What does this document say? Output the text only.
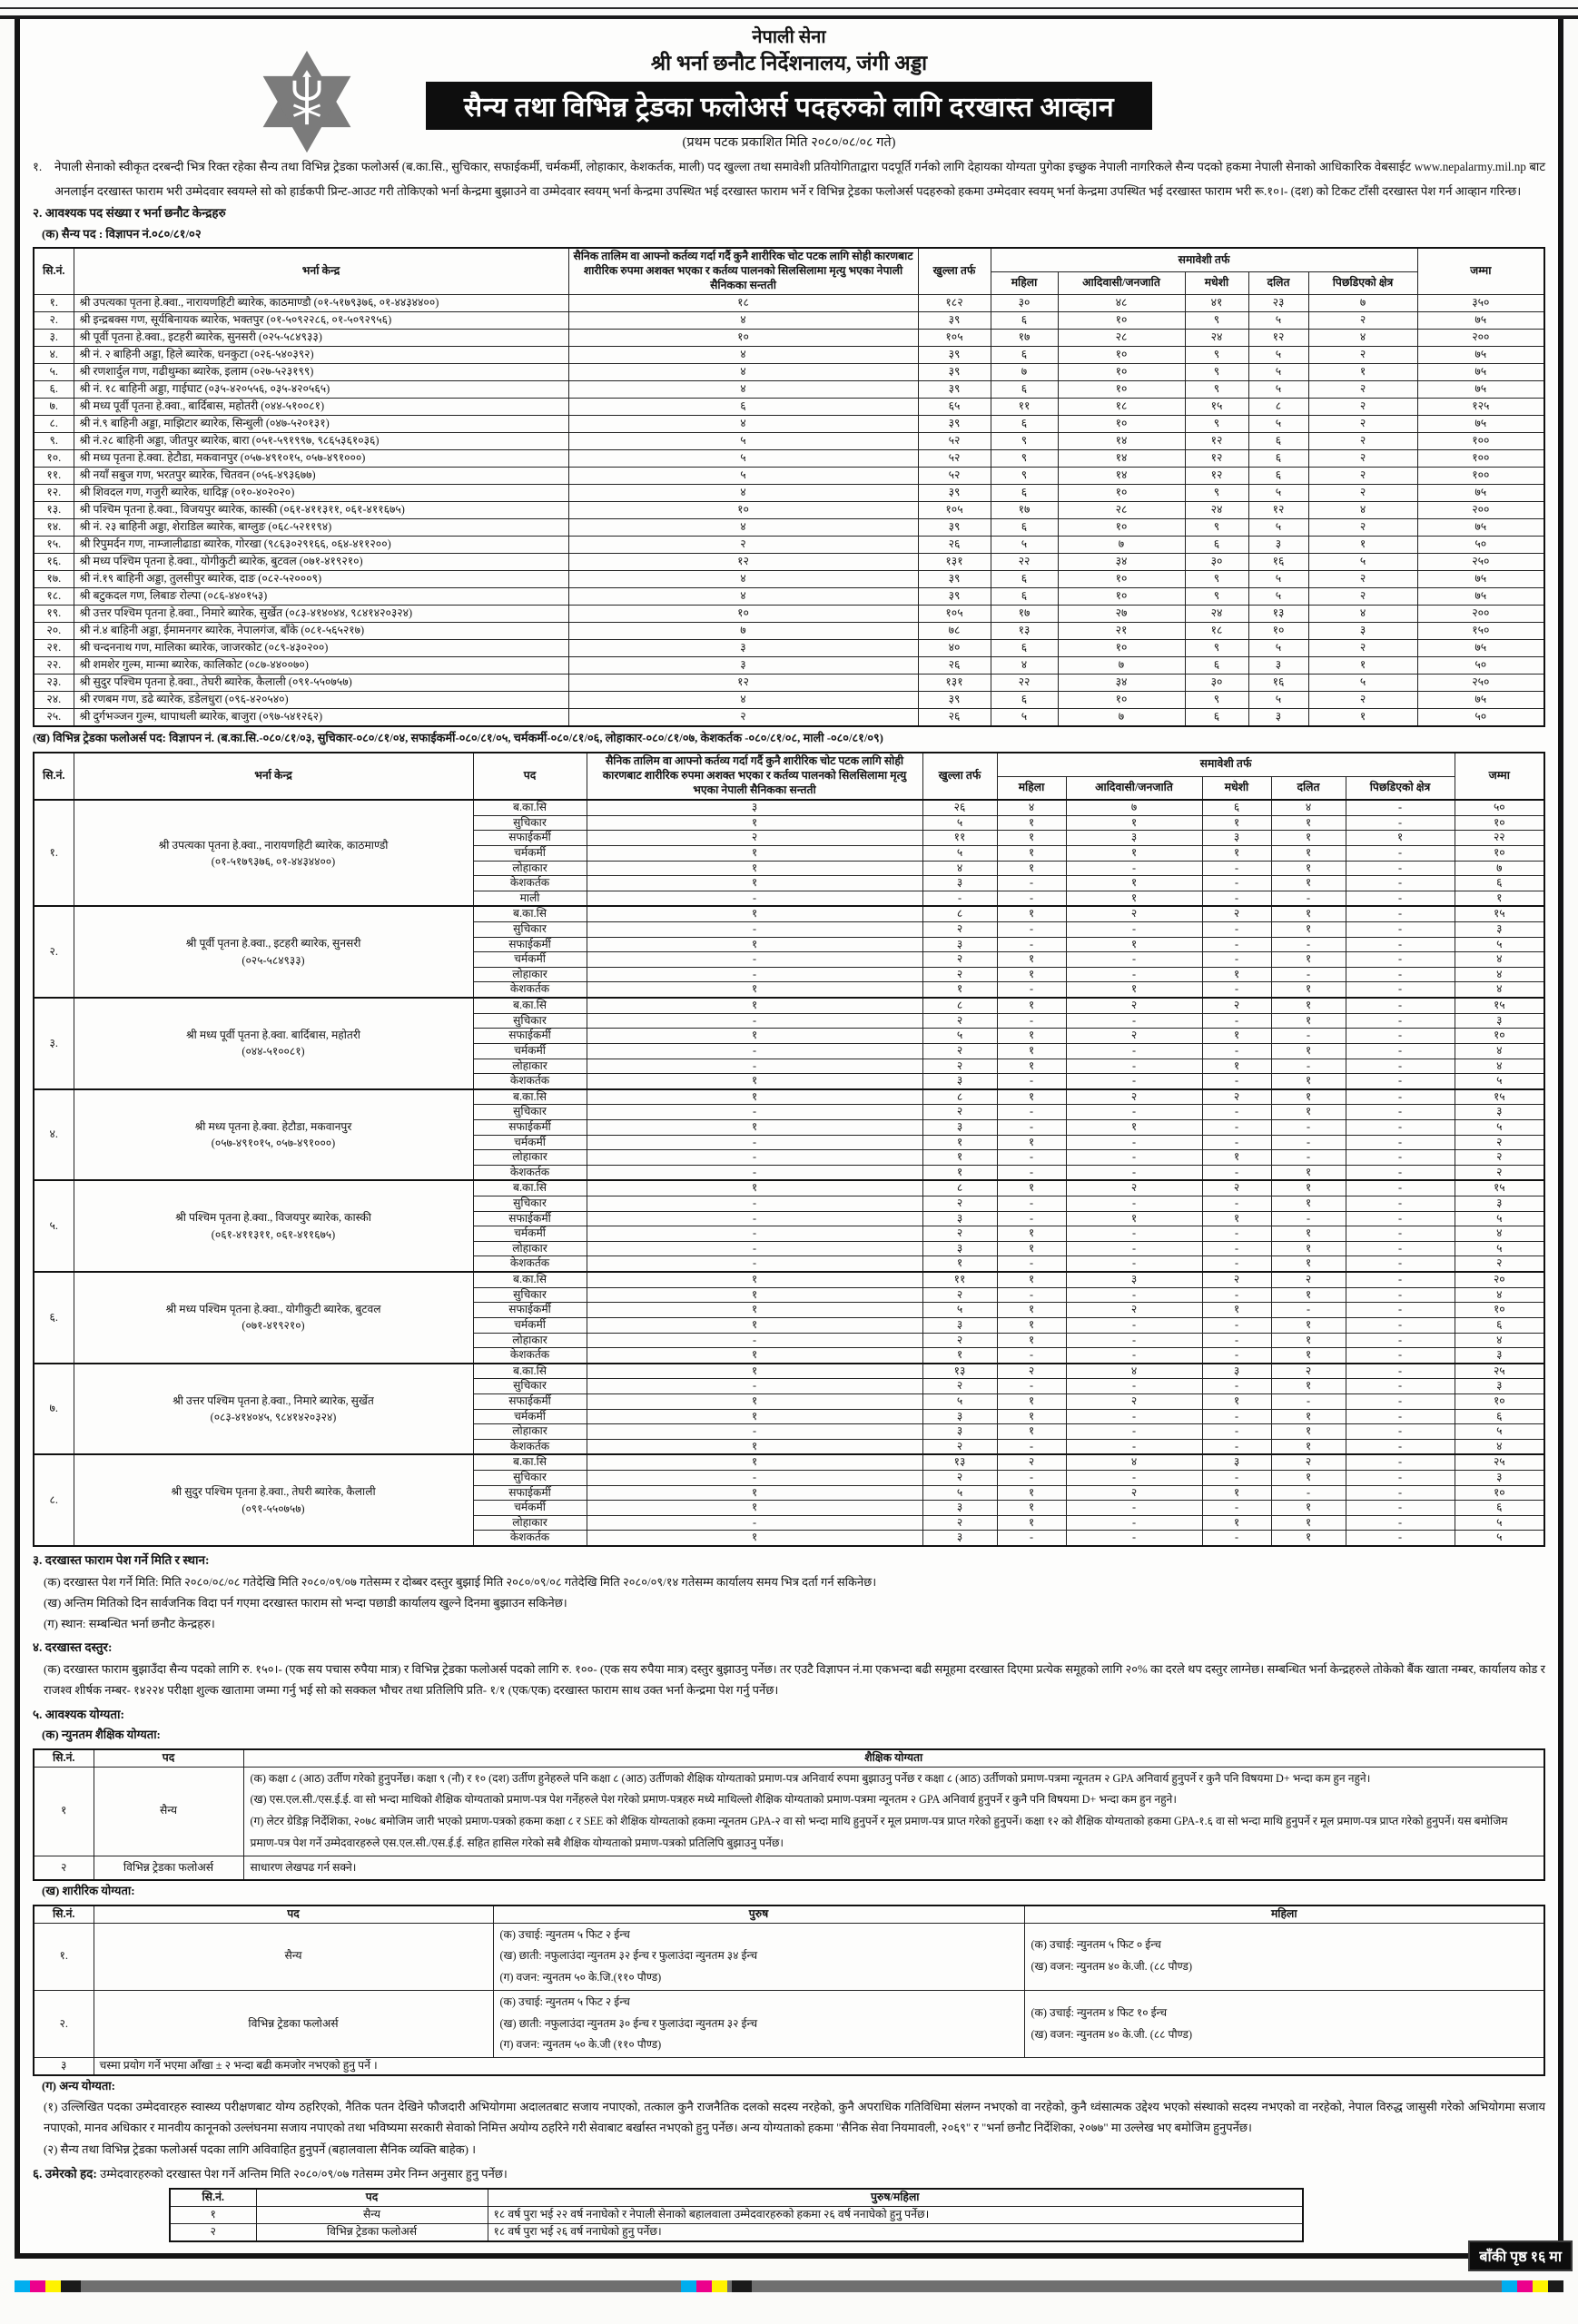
नेपाली सेना
श्री भर्ना छनौट निर्देशनालय, जंगी अड्डा
सैन्य तथा विभिन्न ट्रेडका फलोअर्स पदहरुको लागि दरखास्त आव्हान
(प्रथम पटक प्रकाशित मिति २०८०/०८/०८ गते)
१.	नेपाली सेनाको स्वीकृत दरबन्दी भित्र रिक्त रहेका सैन्य तथा विभिन्न ट्रेडका फलोअर्स (ब.का.सि., सुचिकार, सफाईकर्मी, चर्मकर्मी, लोहाकार, केशकर्तक, माली) पद खुल्ला तथा समावेशी प्रतियोगिताद्वारा पदपूर्ति गर्नको लागि देहायका योग्यता पुगेका इच्छुक नेपाली नागरिकले सैन्य पदको हकमा नेपाली सेनाको आधिकारिक वेबसाईट www.nepalarmy.mil.np बाट अनलाईन दरखास्त फाराम भरी उम्मेदवार स्वयम्ले सो को हार्डकपी प्रिन्ट-आउट गरी तोकिएको भर्ना केन्द्रमा बुझाउने वा उम्मेदवार स्वयम् भर्ना केन्द्रमा उपस्थित भई दरखास्त फाराम भर्ने र विभिन्न ट्रेडका फलोअर्स पदहरुको हकमा उम्मेदवार स्वयम् भर्ना केन्द्रमा उपस्थित भई दरखास्त फाराम भरी रू.१०।- (दश) को टिकट टाँसी दरखास्त पेश गर्न आव्हान गरिन्छ।
२. आवश्यक पद संख्या र भर्ना छनौट केन्द्रहरु
(क) सैन्य पद : विज्ञापन नं.०८०/८१/०२
सि.नं.	भर्ना केन्द्र	सैनिक तालिम वा आफ्नो कर्तव्य गर्दा गर्दै कुनै शारीरिक चोट पटक लागि सोही कारणबाट शारीरिक रुपमा अशक्त भएका र कर्तव्य पालनको सिलसिलामा मृत्यु भएका नेपाली सैनिकका सन्तती	खुल्ला तर्फ	समावेशी तर्फ					जम्मा
				महिला	आदिवासी/जनजाति	मधेशी	दलित	पिछडिएको क्षेत्र	
१.	श्री उपत्यका पृतना हे.क्वा., नारायणहिटी ब्यारेक, काठमाण्डौ (०१-५१७९३७६, ०१-४४३४४००)	१८	१८२	३०	४८	४१	२३	७	३५०
२.	श्री इन्द्रबक्स गण, सूर्यबिनायक ब्यारेक, भक्तपुर (०१-५०९२२८६, ०१-५०९२९५६)	४	३९	६	१०	९	५	२	७५
३.	श्री पूर्वी पृतना हे.क्वा., इटहरी ब्यारेक, सुनसरी (०२५-५८४९३३)	१०	१०५	१७	२८	२४	१२	४	२००
४.	श्री नं. २ बाहिनी अड्डा, हिले ब्यारेक, धनकुटा (०२६-५४०३९२)	४	३९	६	१०	९	५	२	७५
५.	श्री रणशार्दुल गण, गढीथुम्का ब्यारेक, इलाम (०२७-५२३१९९)	४	३९	७	१०	९	५	१	७५
६.	श्री नं. १८ बाहिनी अड्डा, गाईघाट (०३५-४२०५५६, ०३५-४२०५६५)	४	३९	६	१०	९	५	२	७५
७.	श्री मध्य पूर्वी पृतना हे.क्वा., बार्दिबास, महोतरी (०४४-५१००८१)	६	६५	११	१८	१५	८	२	१२५
८.	श्री नं.९ बाहिनी अड्डा, माझिटार ब्यारेक, सिन्धुली (०४७-५२०१३१)	४	३९	६	१०	९	५	२	७५
९.	श्री नं.२८ बाहिनी अड्डा, जीतपुर ब्यारेक, बारा (०५१-५९१९९७, ९८६५३६१०३६)	५	५२	९	१४	१२	६	२	१००
१०.	श्री मध्य पृतना हे.क्वा. हेटौडा, मकवानपुर (०५७-४९१०१५, ०५७-४९१०००)	५	५२	९	१४	१२	६	२	१००
११.	श्री नयाँ सबुज गण, भरतपुर ब्यारेक, चितवन (०५६-४९३६७७)	५	५२	९	१४	१२	६	२	१००
१२.	श्री शिवदल गण, गजुरी ब्यारेक, धादिङ्ग (०१०-४०२०२०)	४	३९	६	१०	९	५	२	७५
१३.	श्री पश्चिम पृतना हे.क्वा., विजयपुर ब्यारेक, कास्की (०६१-४११३११, ०६१-४११६७५)	१०	१०५	१७	२८	२४	१२	४	२००
१४.	श्री नं. २३ बाहिनी अड्डा, शेराडिल ब्यारेक, बाग्लुङ (०६८-५२११९४)	४	३९	६	१०	९	५	२	७५
१५.	श्री रिपुमर्दन गण, नाम्जालीढाडा ब्यारेक, गोरखा (९८६३०२९१६६, ०६४-४११२००)	२	२६	५	७	६	३	१	५०
१६.	श्री मध्य पश्चिम पृतना हे.क्वा., योगीकुटी ब्यारेक, बुटवल (०७१-४१९२१०)	१२	१३१	२२	३४	३०	१६	५	२५०
१७.	श्री नं.१९ बाहिनी अड्डा, तुलसीपुर ब्यारेक, दाङ (०८२-५२०००९)	४	३९	६	१०	९	५	२	७५
१८.	श्री बटुकदल गण, लिबाङ रोल्पा (०८६-४४०१५३)	४	३९	६	१०	९	५	२	७५
१९.	श्री उत्तर पश्चिम पृतना हे.क्वा., निमारे ब्यारेक, सुर्खेत (०८३-४१४०४४, ९८४१४२०३२४)	१०	१०५	१७	२७	२४	१३	४	२००
२०.	श्री नं.४ बाहिनी अड्डा, ईमामनगर ब्यारेक, नेपालगंज, बाँके (०८१-५६५२१७)	७	७८	१३	२१	१८	१०	३	१५०
२१.	श्री चन्दननाथ गण, मालिका ब्यारेक, जाजरकोट (०८९-४३०२००)	३	४०	६	१०	९	५	२	७५
२२.	श्री शमशेर गुल्म, मान्मा ब्यारेक, कालिकोट (०८७-४४००७०)	३	२६	४	७	६	३	१	५०
२३.	श्री सुदुर पश्चिम पृतना हे.क्वा., तेघरी ब्यारेक, कैलाली (०९१-५५०७५७)	१२	१३१	२२	३४	३०	१६	५	२५०
२४.	श्री रणबम गण, डढे ब्यारेक, डडेलधुरा (०९६-४२०५४०)	४	३९	६	१०	९	५	२	७५
२५.	श्री दुर्गभञ्जन गुल्म, थापाथली ब्यारेक, बाजुरा (०९७-५४१२६२)	२	२६	५	७	६	३	१	५०
(ख) विभिन्न ट्रेडका फलोअर्स पद: विज्ञापन नं. (ब.का.सि.-०८०/८१/०३, सुचिकार-०८०/८१/०४, सफाईकर्मी-०८०/८१/०५, चर्मकर्मी-०८०/८१/०६, लोहाकार-०८०/८१/०७, केशकर्तक -०८०/८१/०८, माली -०८०/८१/०९)
सि.नं.	भर्ना केन्द्र	पद	सैनिक तालिम वा आफ्नो कर्तव्य गर्दा गर्दै कुनै शारीरिक चोट पटक लागि सोही कारणबाट शारीरिक रुपमा अशक्त भएका र कर्तव्य पालनको सिलसिलामा मृत्यु भएका नेपाली सैनिकका सन्तती	खुल्ला तर्फ	समावेशी तर्फ					जम्मा
					महिला	आदिवासी/जनजाति	मधेशी	दलित	पिछडिएको क्षेत्र	
१.	श्री उपत्यका पृतना हे.क्वा., नारायणहिटी ब्यारेक, काठमाण्डौ
(०१-५१७९३७६, ०१-४४३४४००)	ब.का.सि	३	२६	४	७	६	४	-	५०
		सुचिकार	१	५	१	१	१	१	-	१०
		सफाईकर्मी	२	११	१	३	३	१	१	२२
		चर्मकर्मी	१	५	१	१	१	१	-	१०
		लोहाकार	१	४	१	-	-	१	-	७
		केशकर्तक	१	३	-	१	-	१	-	६
		माली	-	-	-	१	-	-	-	१
२.	श्री पूर्वी पृतना हे.क्वा., इटहरी ब्यारेक, सुनसरी
(०२५-५८४९३३)	ब.का.सि	१	८	१	२	२	१	-	१५
		सुचिकार	-	२	-	-	-	१	-	३
		सफाईकर्मी	१	३	-	१	-	-	-	५
		चर्मकर्मी	-	२	१	-	-	१	-	४
		लोहाकार	-	२	१	-	१	-	-	४
		केशकर्तक	१	१	-	१	-	१	-	४
३.	श्री मध्य पूर्वी पृतना हे.क्वा. बार्दिबास, महोतरी
(०४४-५१००८१)	ब.का.सि	१	८	१	२	२	१	-	१५
		सुचिकार	-	२	-	-	-	१	-	३
		सफाईकर्मी	१	५	१	२	१	-	-	१०
		चर्मकर्मी	-	२	१	-	-	१	-	४
		लोहाकार	-	२	१	-	१	-	-	४
		केशकर्तक	१	३	-	-	-	१	-	५
४.	श्री मध्य पृतना हे.क्वा. हेटौडा, मकवानपुर
(०५७-४९१०१५, ०५७-४९१०००)	ब.का.सि	१	८	१	२	२	१	-	१५
		सुचिकार	-	२	-	-	-	१	-	३
		सफाईकर्मी	१	३	-	१	-	-	-	५
		चर्मकर्मी	-	१	१	-	-	-	-	२
		लोहाकार	-	१	-	-	१	-	-	२
		केशकर्तक	-	१	-	-	-	१	-	२
५.	श्री पश्चिम पृतना हे.क्वा., विजयपुर ब्यारेक, कास्की
(०६१-४११३११, ०६१-४११६७५)	ब.का.सि	१	८	१	२	२	१	-	१५
		सुचिकार	-	२	-	-	-	१	-	३
		सफाईकर्मी	-	३	-	१	१	-	-	५
		चर्मकर्मी	-	२	१	-	-	१	-	४
		लोहाकार	-	३	१	-	-	१	-	५
		केशकर्तक	-	१	-	-	-	१	-	२
६.	श्री मध्य पश्चिम पृतना हे.क्वा., योगीकुटी ब्यारेक, बुटवल
(०७१-४१९२१०)	ब.का.सि	१	११	१	३	२	२	-	२०
		सुचिकार	१	२	-	-	-	१	-	४
		सफाईकर्मी	१	५	१	२	१	-	-	१०
		चर्मकर्मी	१	३	१	-	-	१	-	६
		लोहाकार	-	२	१	-	-	१	-	४
		केशकर्तक	१	१	-	-	-	१	-	३
७.	श्री उत्तर पश्चिम पृतना हे.क्वा., निमारे ब्यारेक, सुर्खेत
(०८३-४१४०४५, ९८४१४२०३२४)	ब.का.सि	१	१३	२	४	३	२	-	२५
		सुचिकार	-	२	-	-	-	१	-	३
		सफाईकर्मी	१	५	१	२	१	-	-	१०
		चर्मकर्मी	१	३	१	-	-	१	-	६
		लोहाकार	-	३	१	-	-	१	-	५
		केशकर्तक	१	२	-	-	-	१	-	४
८.	श्री सुदुर पश्चिम पृतना हे.क्वा., तेघरी ब्यारेक, कैलाली
(०९१-५५०७५७)	ब.का.सि	१	१३	२	४	३	२	-	२५
		सुचिकार	-	२	-	-	-	१	-	३
		सफाईकर्मी	१	५	१	२	१	-	-	१०
		चर्मकर्मी	१	३	१	-	-	१	-	६
		लोहाकार	-	२	१	-	१	१	-	५
		केशकर्तक	१	३	-	-	-	१	-	५
३. दरखास्त फाराम पेश गर्ने मिति र स्थान:
(क) दरखास्त पेश गर्ने मिति: मिति २०८०/०८/०८ गतेदेखि मिति २०८०/०९/०७ गतेसम्म र दोब्बर दस्तुर बुझाई मिति २०८०/०९/०८ गतेदेखि मिति २०८०/०९/१४ गतेसम्म कार्यालय समय भित्र दर्ता गर्न सकिनेछ।
(ख) अन्तिम मितिको दिन सार्वजनिक विदा पर्न गएमा दरखास्त फाराम सो भन्दा पछाडी कार्यालय खुल्ने दिनमा बुझाउन सकिनेछ।
(ग) स्थान: सम्बन्धित भर्ना छनौट केन्द्रहरु।
४. दरखास्त दस्तुर:
(क) दरखास्त फाराम बुझाउँदा सैन्य पदको लागि रु. १५०।- (एक सय पचास रुपैया मात्र) र विभिन्न ट्रेडका फलोअर्स पदको लागि रु. १००- (एक सय रुपैया मात्र) दस्तुर बुझाउनु पर्नेछ। तर एउटै विज्ञापन नं.मा एकभन्दा बढी समूहमा दरखास्त दिएमा प्रत्येक समूहको लागि २०% का दरले थप दस्तुर लाग्नेछ। सम्बन्धित भर्ना केन्द्रहरुले तोकेको बैंक खाता नम्बर, कार्यालय कोड र राजश्व शीर्षक नम्बर- १४२२४ परीक्षा शुल्क खातामा जम्मा गर्नु भई सो को सक्कल भौचर तथा प्रतिलिपि प्रति- १/१ (एक/एक) दरखास्त फाराम साथ उक्त भर्ना केन्द्रमा पेश गर्नु पर्नेछ।
५. आवश्यक योग्यता:
(क) न्युनतम शैक्षिक योग्यता:
सि.नं.	पद	शैक्षिक योग्यता
१	सैन्य	(क) कक्षा ८ (आठ) उर्तीण गरेको हुनुपर्नेछ। कक्षा ९ (नौ) र १० (दश) उर्तीण हुनेहरुले पनि कक्षा ८ (आठ) उर्तीणको शैक्षिक योग्यताको प्रमाण-पत्र अनिवार्य रुपमा बुझाउनु पर्नेछ र कक्षा ८ (आठ) उर्तीणको प्रमाण-पत्रमा न्यूनतम २ GPA अनिवार्य हुनुपर्ने र कुनै पनि विषयमा D+ भन्दा कम हुन नहुने।
(ख) एस.एल.सी./एस.ई.ई. वा सो भन्दा माथिको शैक्षिक योग्यताको प्रमाण-पत्र पेश गर्नेहरुले पेश गरेको प्रमाण-पत्रहरु मध्ये माथिल्लो शैक्षिक योग्यताको प्रमाण-पत्रमा न्यूनतम २ GPA अनिवार्य हुनुपर्ने र कुनै पनि विषयमा D+ भन्दा कम हुन नहुने।
(ग) लेटर ग्रेडिङ्ग निर्देशिका, २०७८ बमोजिम जारी भएको प्रमाण-पत्रको हकमा कक्षा ८ र SEE को शैक्षिक योग्यताको हकमा न्यूनतम GPA-२ वा सो भन्दा माथि हुनुपर्ने र मूल प्रमाण-पत्र प्राप्त गरेको हुनुपर्ने। कक्षा १२ को शैक्षिक योग्यताको हकमा GPA-१.६ वा सो भन्दा माथि हुनुपर्ने र मूल प्रमाण-पत्र प्राप्त गरेको हुनुपर्ने। यस बमोजिम प्रमाण-पत्र पेश गर्ने उम्मेदवारहरुले एस.एल.सी./एस.ई.ई. सहित हासिल गरेको सबै शैक्षिक योग्यताको प्रमाण-पत्रको प्रतिलिपि बुझाउनु पर्नेछ।

२	विभिन्न ट्रेडका फलोअर्स	साधारण लेखपढ गर्न सक्ने।
(ख) शारीरिक योग्यता:
सि.नं.	पद	पुरुष	महिला
१.	सैन्य	
(क) उचाई: न्युनतम ५ फिट २ ईन्च
(ख) छाती: नफुलाउंदा न्युनतम ३२ ईन्च र फुलाउंदा न्युनतम ३४ ईन्च
(ग) वजन: न्युनतम ५० के.जि.(११० पौण्ड)

(क) उचाई: न्युनतम ५ फिट ० ईन्च
(ख) वजन: न्युनतम ४० के.जी. (८८ पौण्ड)

२.	विभिन्न ट्रेडका फलोअर्स	
(क) उचाई: न्युनतम ५ फिट २ ईन्च
(ख) छाती: नफुलाउंदा न्युनतम ३० ईन्च र फुलाउंदा न्युनतम ३२ ईन्च
(ग) वजन: न्युनतम ५० के.जी (११० पौण्ड)

(क) उचाई: न्युनतम ४ फिट १० ईन्च
(ख) वजन: न्युनतम ४० के.जी. (८८ पौण्ड)

३	चस्मा प्रयोग गर्ने भएमा आँखा ± २ भन्दा बढी कमजोर नभएको हुनु पर्ने ।		
(ग) अन्य योग्यता:
(१) उल्लिखित पदका उम्मेदवारहरु स्वास्थ्य परीक्षणबाट योग्य ठहरिएको, नैतिक पतन देखिने फौजदारी अभियोगमा अदालतबाट सजाय नपाएको, तत्काल कुनै राजनैतिक दलको सदस्य नरहेको, कुनै अपराधिक गतिविधिमा संलग्न नभएको वा नरहेको, कुनै ध्वंसात्मक उद्देश्य भएको संस्थाको सदस्य नभएको वा नरहेको, नेपाल विरुद्ध जासुसी गरेको अभियोगमा सजाय नपाएको, मानव अधिकार र मानवीय कानूनको उल्लंघनमा सजाय नपाएको तथा भविष्यमा सरकारी सेवाको निमित्त अयोग्य ठहरिने गरी सेवाबाट बर्खास्त नभएको हुनु पर्नेछ। अन्य योग्यताको हकमा "सैनिक सेवा नियमावली, २०६९" र "भर्ना छनौट निर्देशिका, २०७७" मा उल्लेख भए बमोजिम हुनुपर्नेछ।
(२) सैन्य तथा विभिन्न ट्रेडका फलोअर्स पदका लागि अविवाहित हुनुपर्ने (बहालवाला सैनिक व्यक्ति बाहेक) ।
६. उमेरको हद: उम्मेदवारहरुको दरखास्त पेश गर्ने अन्तिम मिति २०८०/०९/०७ गतेसम्म उमेर निम्न अनुसार हुनु पर्नेछ।
सि.नं.	पद	पुरुष/महिला
१	सैन्य	१८ वर्ष पुरा भई २२ वर्ष ननाघेको र नेपाली सेनाको बहालवाला उम्मेदवारहरुको हकमा २६ वर्ष ननाघेको हुनु पर्नेछ।
२	विभिन्न ट्रेडका फलोअर्स	१८ वर्ष पुरा भई २६ वर्ष ननाघेको हुनु पर्नेछ।
बाँकी पृष्ठ १६ मा
